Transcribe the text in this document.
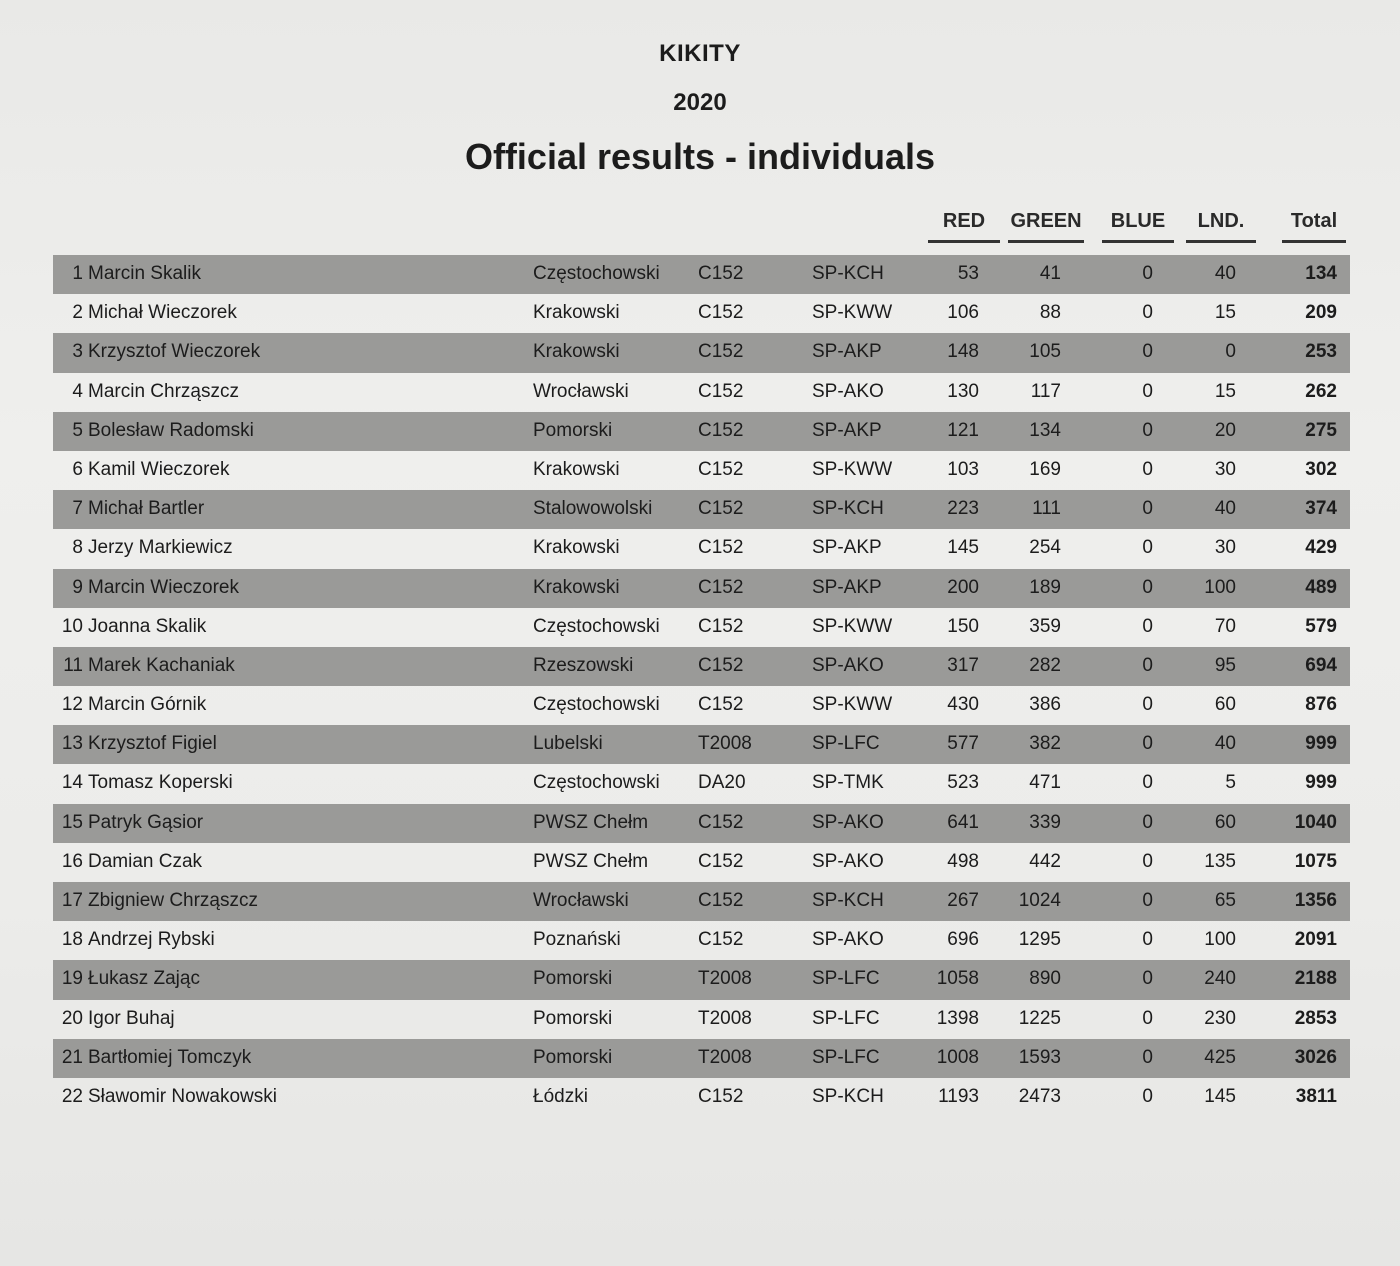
KIKITY
2020
Official results - individuals
RED	GREEN	BLUE	LND.	Total
1 Marcin Skalik	Częstochowski C152	SP-KCH	53	41	0	40	134
2 Michał Wieczorek	Krakowski	C152	SP-KWW	106	88	0	15	209
3 Krzysztof Wieczorek	Krakowski	C152	SP-AKP	148	105	0	0	253
4 Marcin Chrząszcz	Wrocławski	C152	SP-AKO	130	117	0	15	262
5 Bolesław Radomski	Pomorski	C152	SP-AKP	121	134	0	20	275
6 Kamil Wieczorek	Krakowski	C152	SP-KWW	103	169	0	30	302
7 Michał Bartler	Stalowowolski C152	SP-KCH	223	111	0	40	374
8 Jerzy Markiewicz	Krakowski	C152	SP-AKP	145	254	0	30	429
9 Marcin Wieczorek	Krakowski	C152	SP-AKP	200	189	0	100	489
10 Joanna Skalik	Częstochowski C152	SP-KWW	150	359	0	70	579
11 Marek Kachaniak	Rzeszowski	C152	SP-AKO	317	282	0	95	694
12 Marcin Górnik	Częstochowski C152	SP-KWW	430	386	0	60	876
13 Krzysztof Figiel	Lubelski	T2008	SP-LFC	577	382	0	40	999
14 Tomasz Koperski	Częstochowski DA20	SP-TMK	523	471	0	5	999
15 Patryk Gąsior	PWSZ Chełm	C152	SP-AKO	641	339	0	60	1040
16 Damian Czak	PWSZ Chełm	C152	SP-AKO	498	442	0	135	1075
17 Zbigniew Chrząszcz	Wrocławski	C152	SP-KCH	267	1024	0	65	1356
18 Andrzej Rybski	Poznański	C152	SP-AKO	696	1295	0	100	2091
19 Łukasz Zając	Pomorski	T2008	SP-LFC	1058	890	0	240	2188
20 Igor Buhaj	Pomorski	T2008	SP-LFC	1398	1225	0	230	2853
21 Bartłomiej Tomczyk	Pomorski	T2008	SP-LFC	1008	1593	0	425	3026
22 Sławomir Nowakowski	Łódzki	C152	SP-KCH	1193	2473	0	145	3811
